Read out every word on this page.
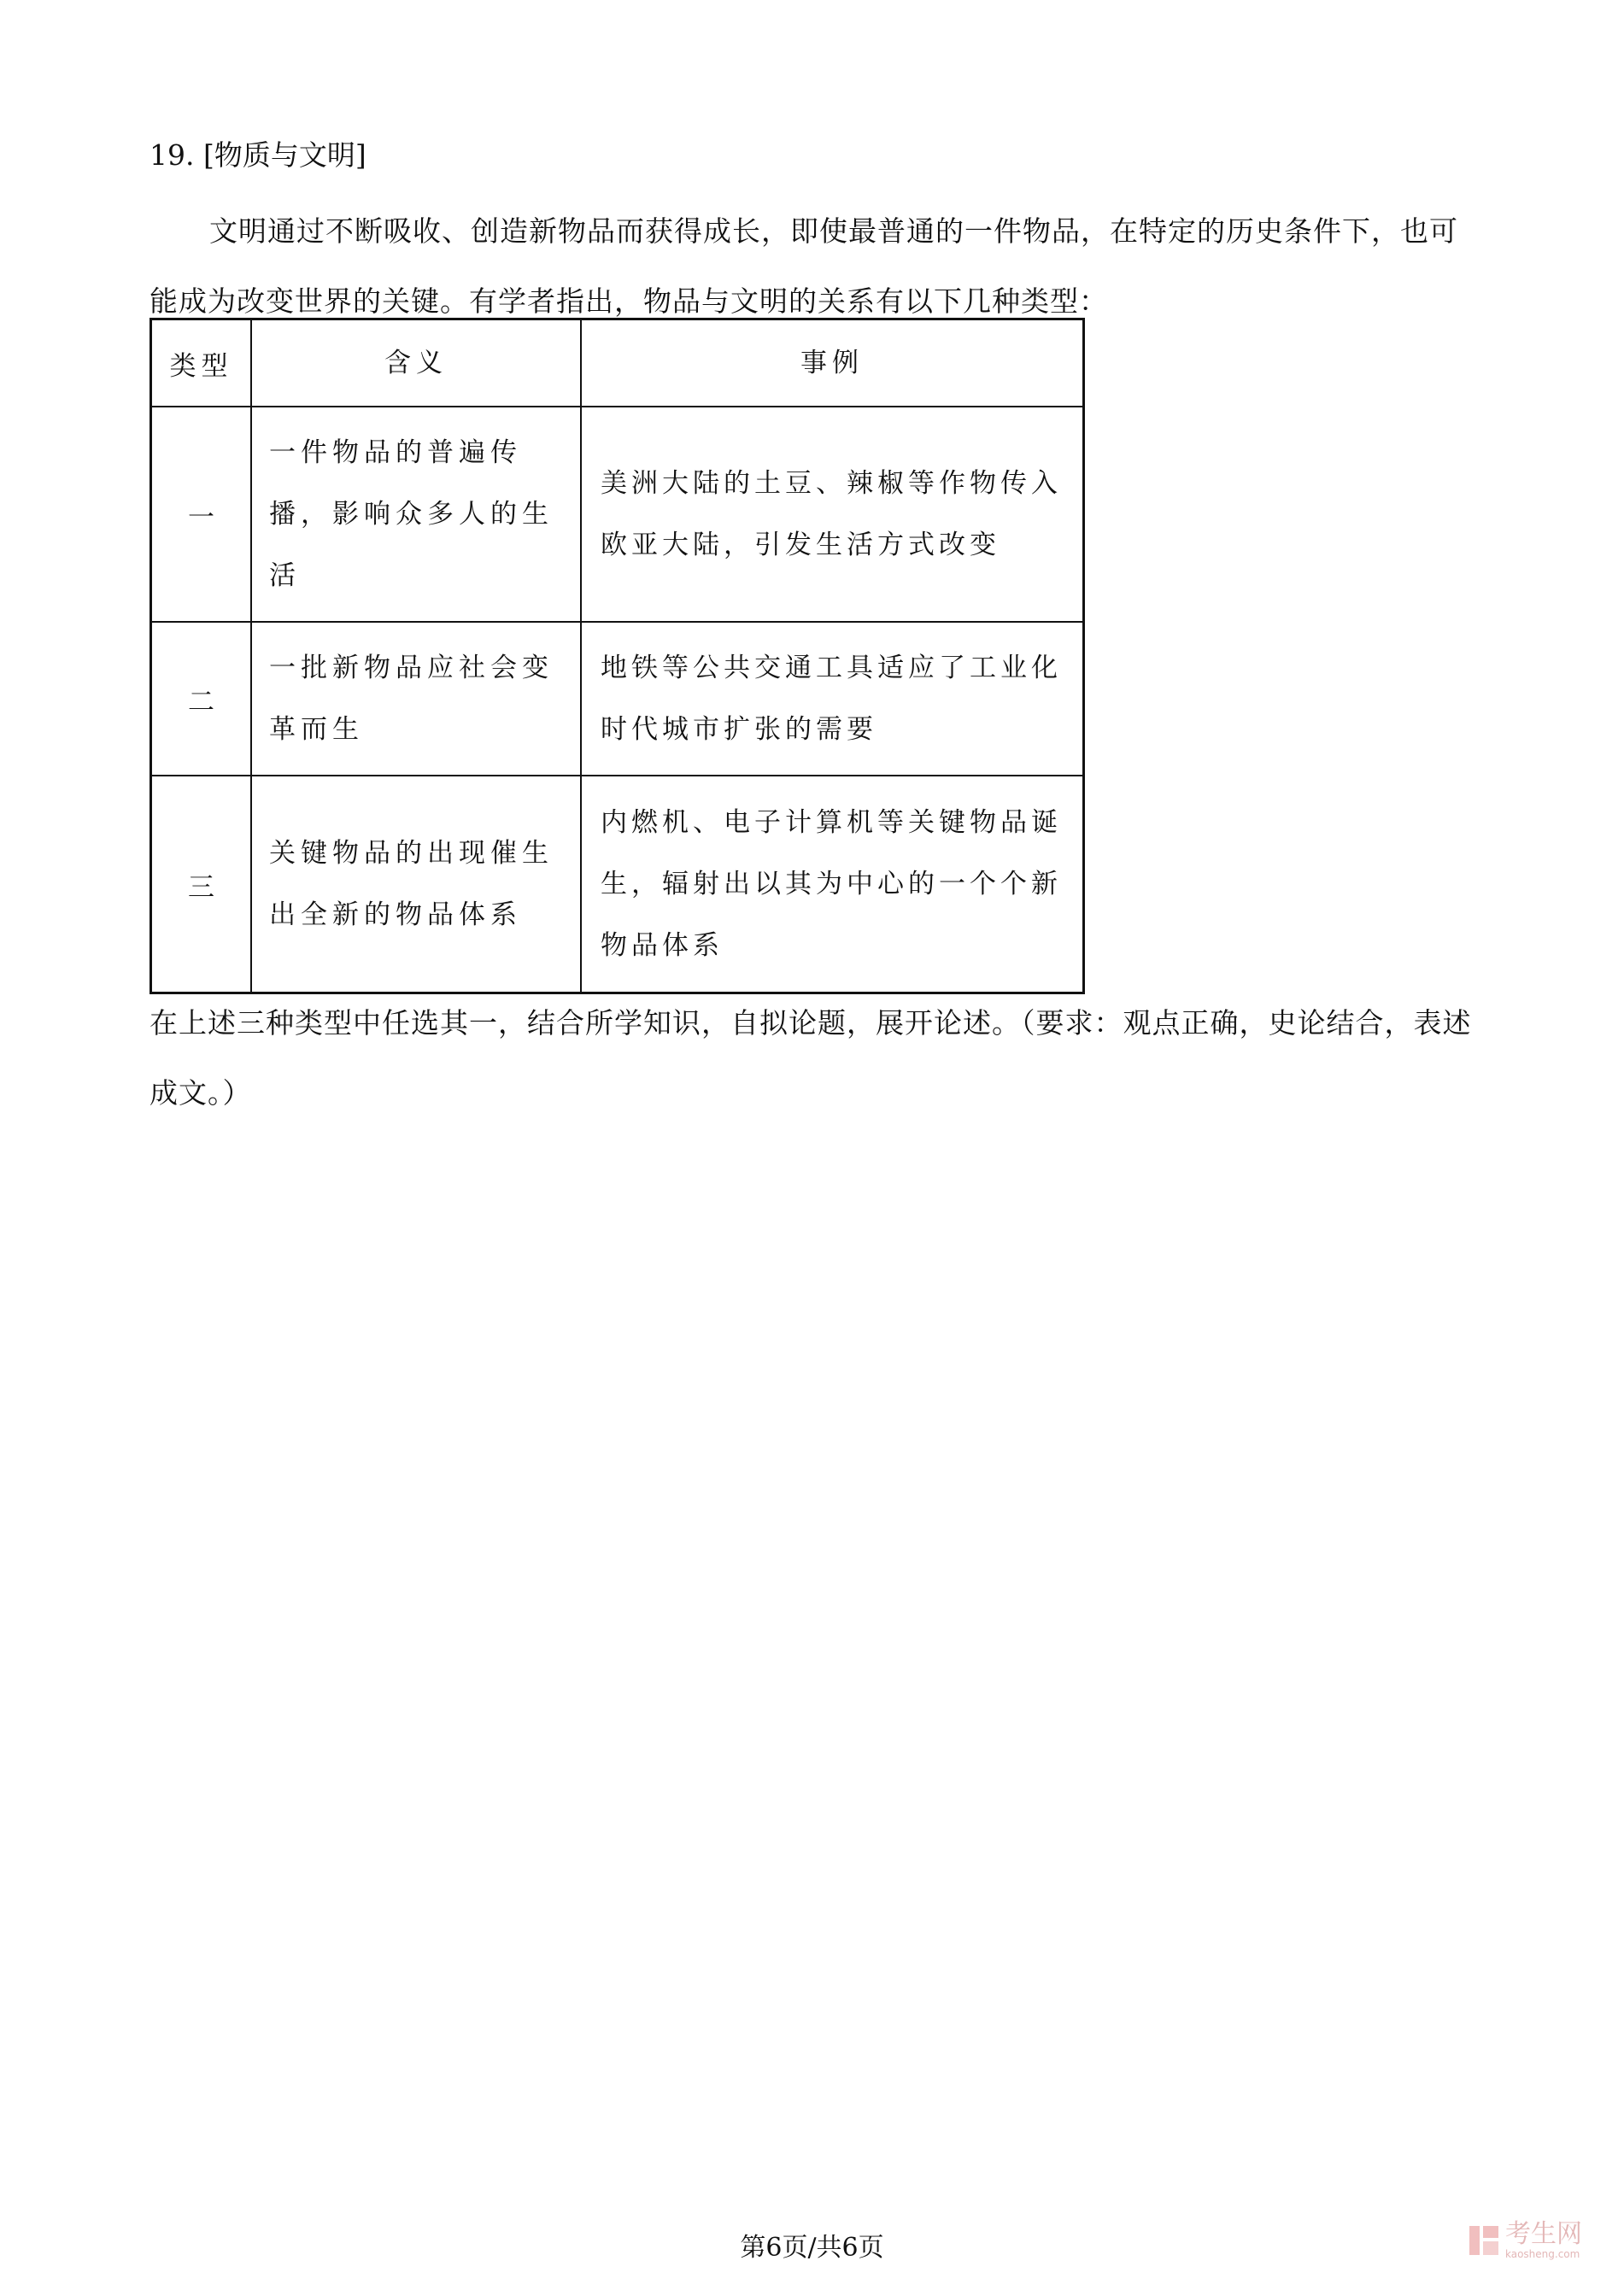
19. [物质与文明]

文明通过不断吸收、创造新物品而获得成长，即使最普通的一件物品，在特定的历史条件下，也可能成为改变世界的关键。有学者指出，物品与文明的关系有以下几种类型：

类型	含义	事例
一	一件物品的普遍传播，影响众多人的生活	美洲大陆的土豆、辣椒等作物传入欧亚大陆，引发生活方式改变
二	一批新物品应社会变革而生	地铁等公共交通工具适应了工业化时代城市扩张的需要
三	关键物品的出现催生出全新的物品体系	内燃机、电子计算机等关键物品诞生，辐射出以其为中心的一个个新物品体系

在上述三种类型中任选其一，结合所学知识，自拟论题，展开论述。（要求：观点正确，史论结合，表述成文。）

第6页/共6页	考生网
kaosheng.com
